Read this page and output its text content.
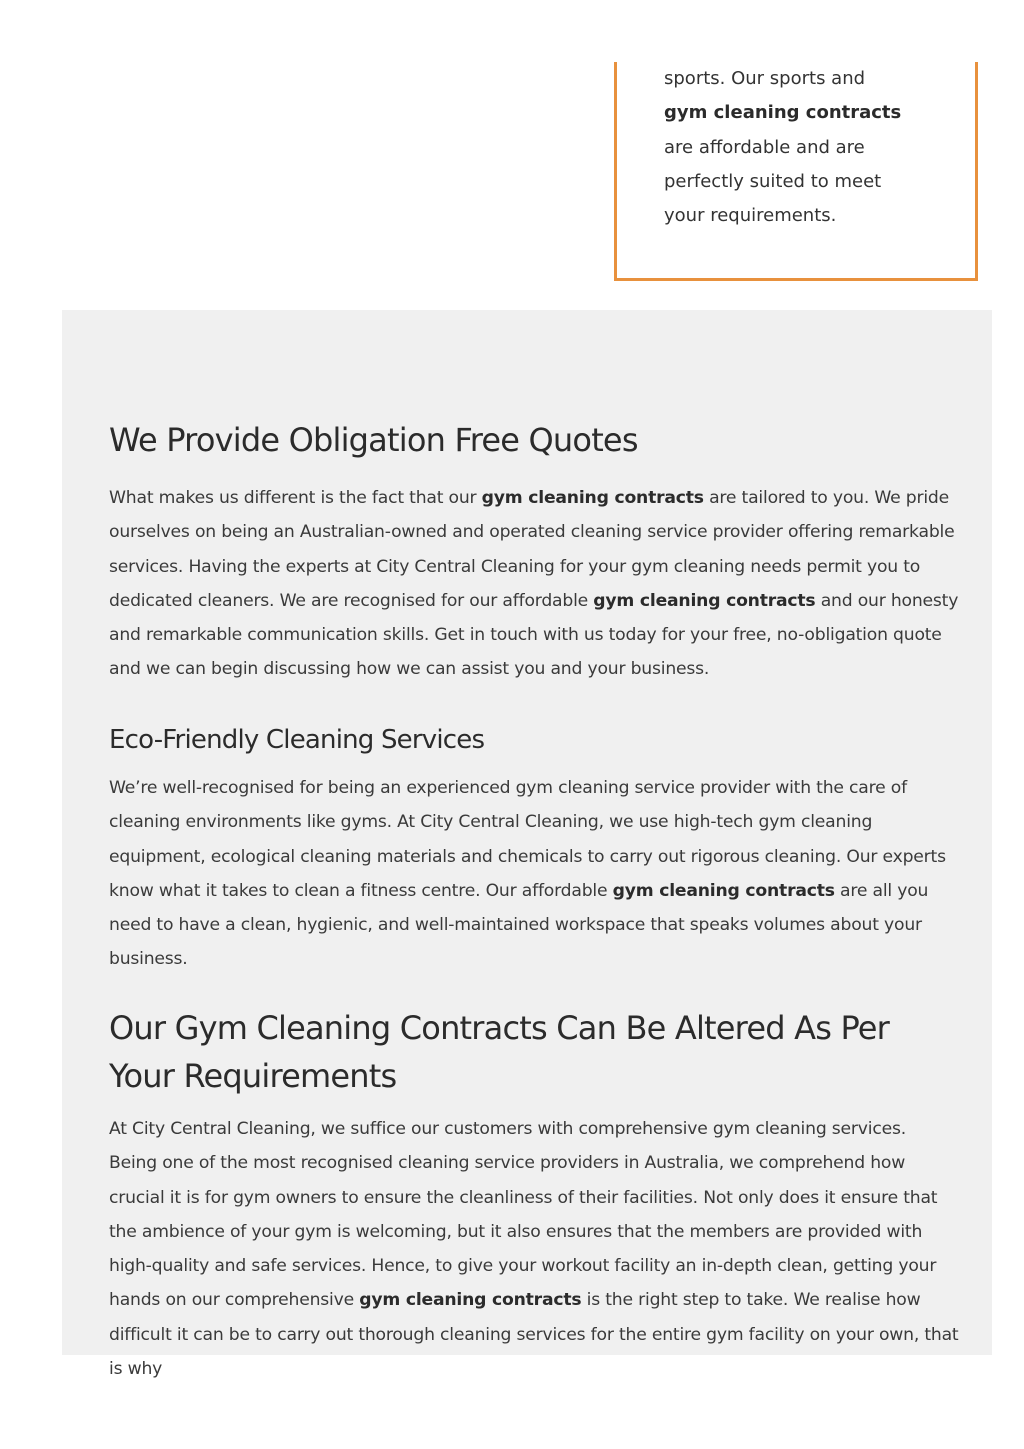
sports. Our sports and gym cleaning contracts are affordable and are perfectly suited to meet your requirements.

We Provide Obligation Free Quotes

What makes us different is the fact that our gym cleaning contracts are tailored to you. We pride ourselves on being an Australian-owned and operated cleaning service provider offering remarkable services. Having the experts at City Central Cleaning for your gym cleaning needs permit you to dedicated cleaners. We are recognised for our affordable gym cleaning contracts and our honesty and remarkable communication skills. Get in touch with us today for your free, no-obligation quote and we can begin discussing how we can assist you and your business.

Eco-Friendly Cleaning Services

We’re well-recognised for being an experienced gym cleaning service provider with the care of cleaning environments like gyms. At City Central Cleaning, we use high-tech gym cleaning equipment, ecological cleaning materials and chemicals to carry out rigorous cleaning. Our experts know what it takes to clean a fitness centre. Our affordable gym cleaning contracts are all you need to have a clean, hygienic, and well-maintained workspace that speaks volumes about your business.

Our Gym Cleaning Contracts Can Be Altered As Per Your Requirements

At City Central Cleaning, we suffice our customers with comprehensive gym cleaning services. Being one of the most recognised cleaning service providers in Australia, we comprehend how crucial it is for gym owners to ensure the cleanliness of their facilities. Not only does it ensure that the ambience of your gym is welcoming, but it also ensures that the members are provided with high-quality and safe services. Hence, to give your workout facility an in-depth clean, getting your hands on our comprehensive gym cleaning contracts is the right step to take. We realise how difficult it can be to carry out thorough cleaning services for the entire gym facility on your own, that is why
